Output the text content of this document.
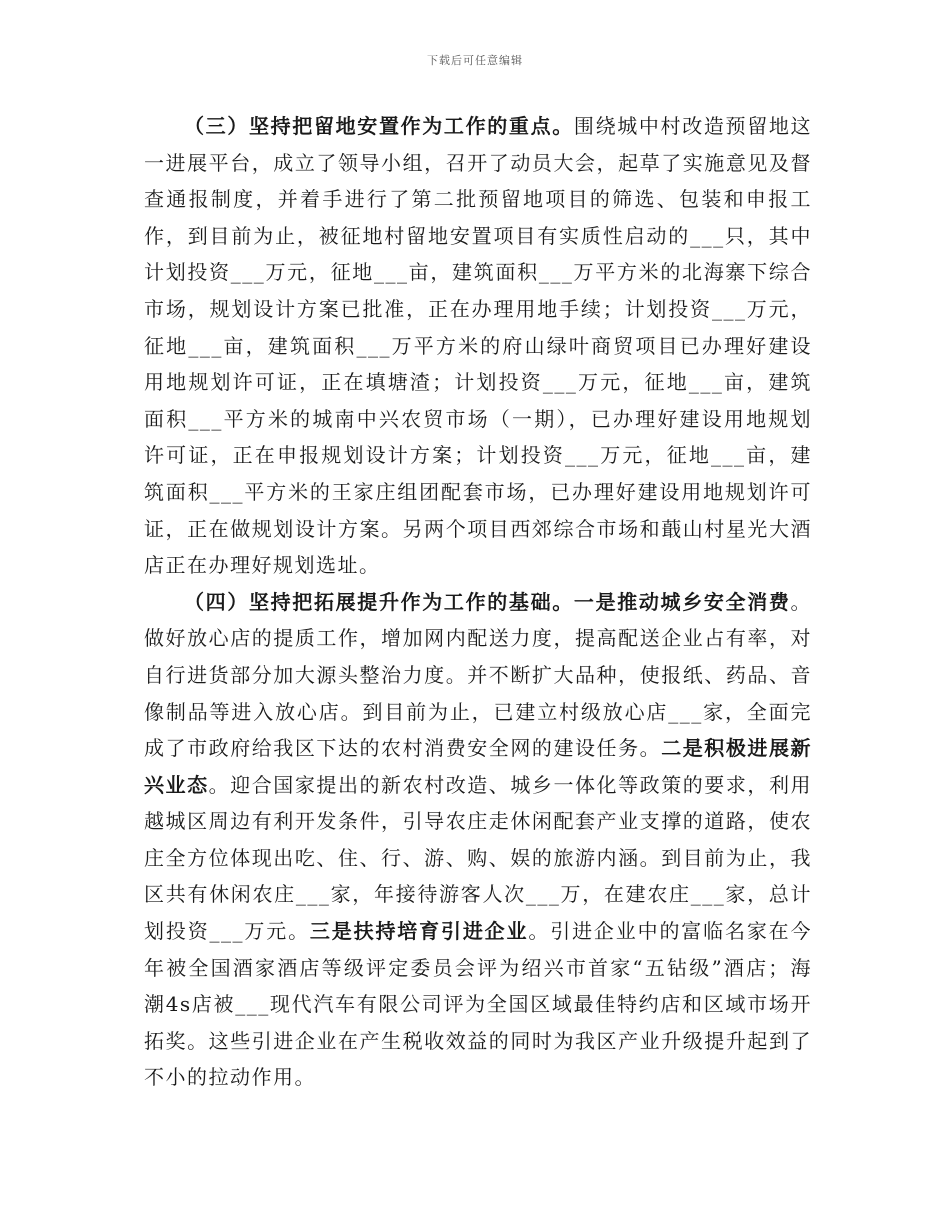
下载后可任意编辑

（三）坚持把留地安置作为工作的重点。围绕城中村改造预留地这一进展平台，成立了领导小组，召开了动员大会，起草了实施意见及督查通报制度，并着手进行了第二批预留地项目的筛选、包装和申报工作，到目前为止，被征地村留地安置项目有实质性启动的___只，其中计划投资___万元，征地___亩，建筑面积___万平方米的北海寨下综合市场，规划设计方案已批准，正在办理用地手续；计划投资___万元，征地___亩，建筑面积___万平方米的府山绿叶商贸项目已办理好建设用地规划许可证，正在填塘渣；计划投资___万元，征地___亩，建筑面积___平方米的城南中兴农贸市场（一期），已办理好建设用地规划许可证，正在申报规划设计方案；计划投资___万元，征地___亩，建筑面积___平方米的王家庄组团配套市场，已办理好建设用地规划许可证，正在做规划设计方案。另两个项目西郊综合市场和蕺山村星光大酒店正在办理好规划选址。

（四）坚持把拓展提升作为工作的基础。一是推动城乡安全消费。做好放心店的提质工作，增加网内配送力度，提高配送企业占有率，对自行进货部分加大源头整治力度。并不断扩大品种，使报纸、药品、音像制品等进入放心店。到目前为止，已建立村级放心店___家，全面完成了市政府给我区下达的农村消费安全网的建设任务。二是积极进展新兴业态。迎合国家提出的新农村改造、城乡一体化等政策的要求，利用越城区周边有利开发条件，引导农庄走休闲配套产业支撑的道路，使农庄全方位体现出吃、住、行、游、购、娱的旅游内涵。到目前为止，我区共有休闲农庄___家，年接待游客人次___万，在建农庄___家，总计划投资___万元。三是扶持培育引进企业。引进企业中的富临名家在今年被全国酒家酒店等级评定委员会评为绍兴市首家“五钻级”酒店；海潮4s店被___现代汽车有限公司评为全国区域最佳特约店和区域市场开拓奖。这些引进企业在产生税收效益的同时为我区产业升级提升起到了不小的拉动作用。
